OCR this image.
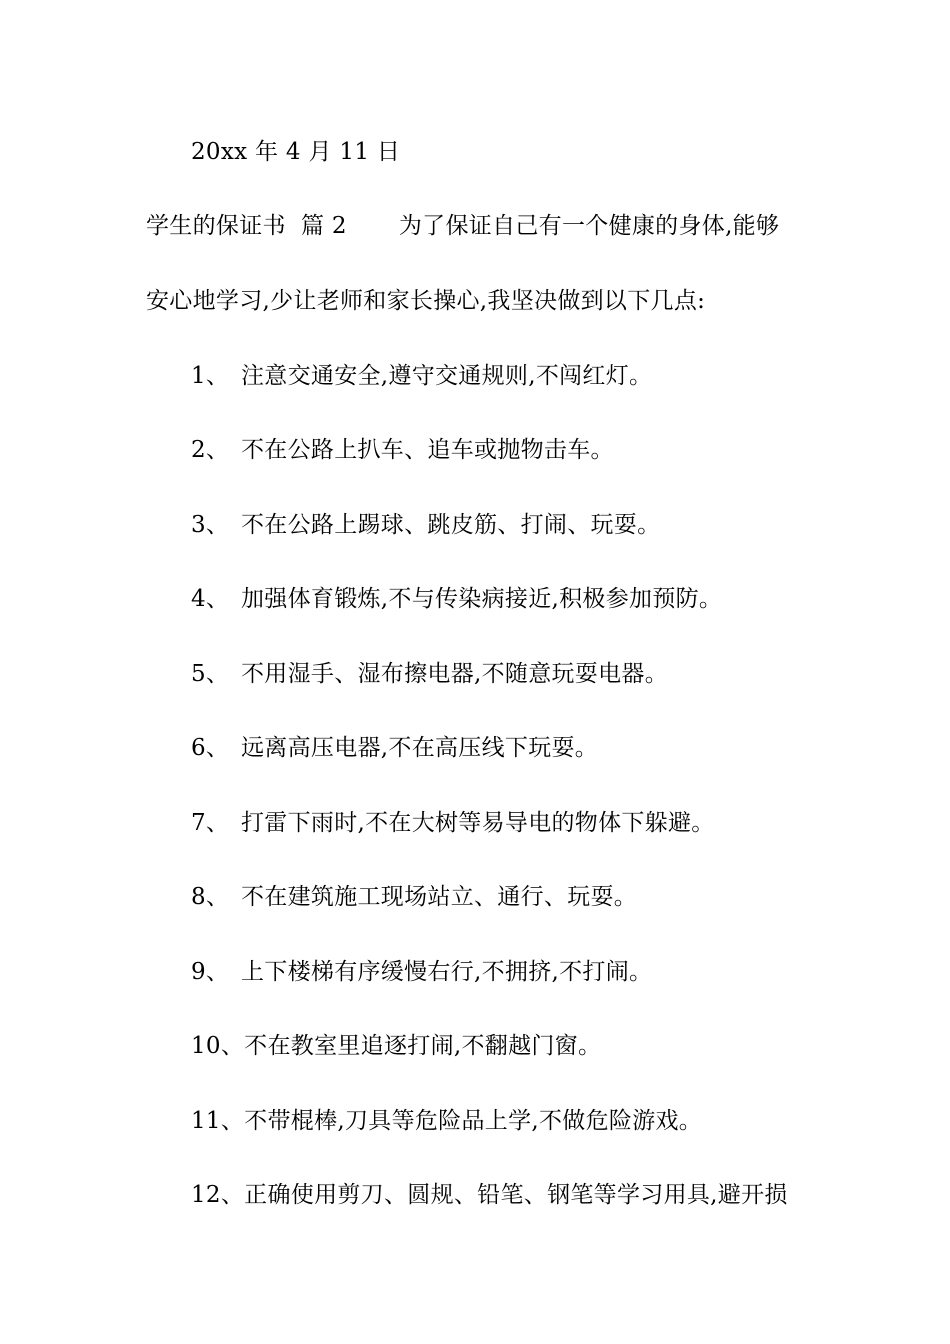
20xx 年 4 月 11 日
学生的保证书  篇 2 为了保证自己有一个健康的身体,能够
安心地学习,少让老师和家长操心,我坚决做到以下几点:
1、 注意交通安全,遵守交通规则,不闯红灯。
2、 不在公路上扒车、追车或抛物击车。
3、 不在公路上踢球、跳皮筋、打闹、玩耍。
4、 加强体育锻炼,不与传染病接近,积极参加预防。
5、 不用湿手、湿布擦电器,不随意玩耍电器。
6、 远离高压电器,不在高压线下玩耍。
7、 打雷下雨时,不在大树等易导电的物体下躲避。
8、 不在建筑施工现场站立、通行、玩耍。
9、 上下楼梯有序缓慢右行,不拥挤,不打闹。
10、不在教室里追逐打闹,不翻越门窗。
11、不带棍棒,刀具等危险品上学,不做危险游戏。
12、正确使用剪刀、圆规、铅笔、钢笔等学习用具,避开损
